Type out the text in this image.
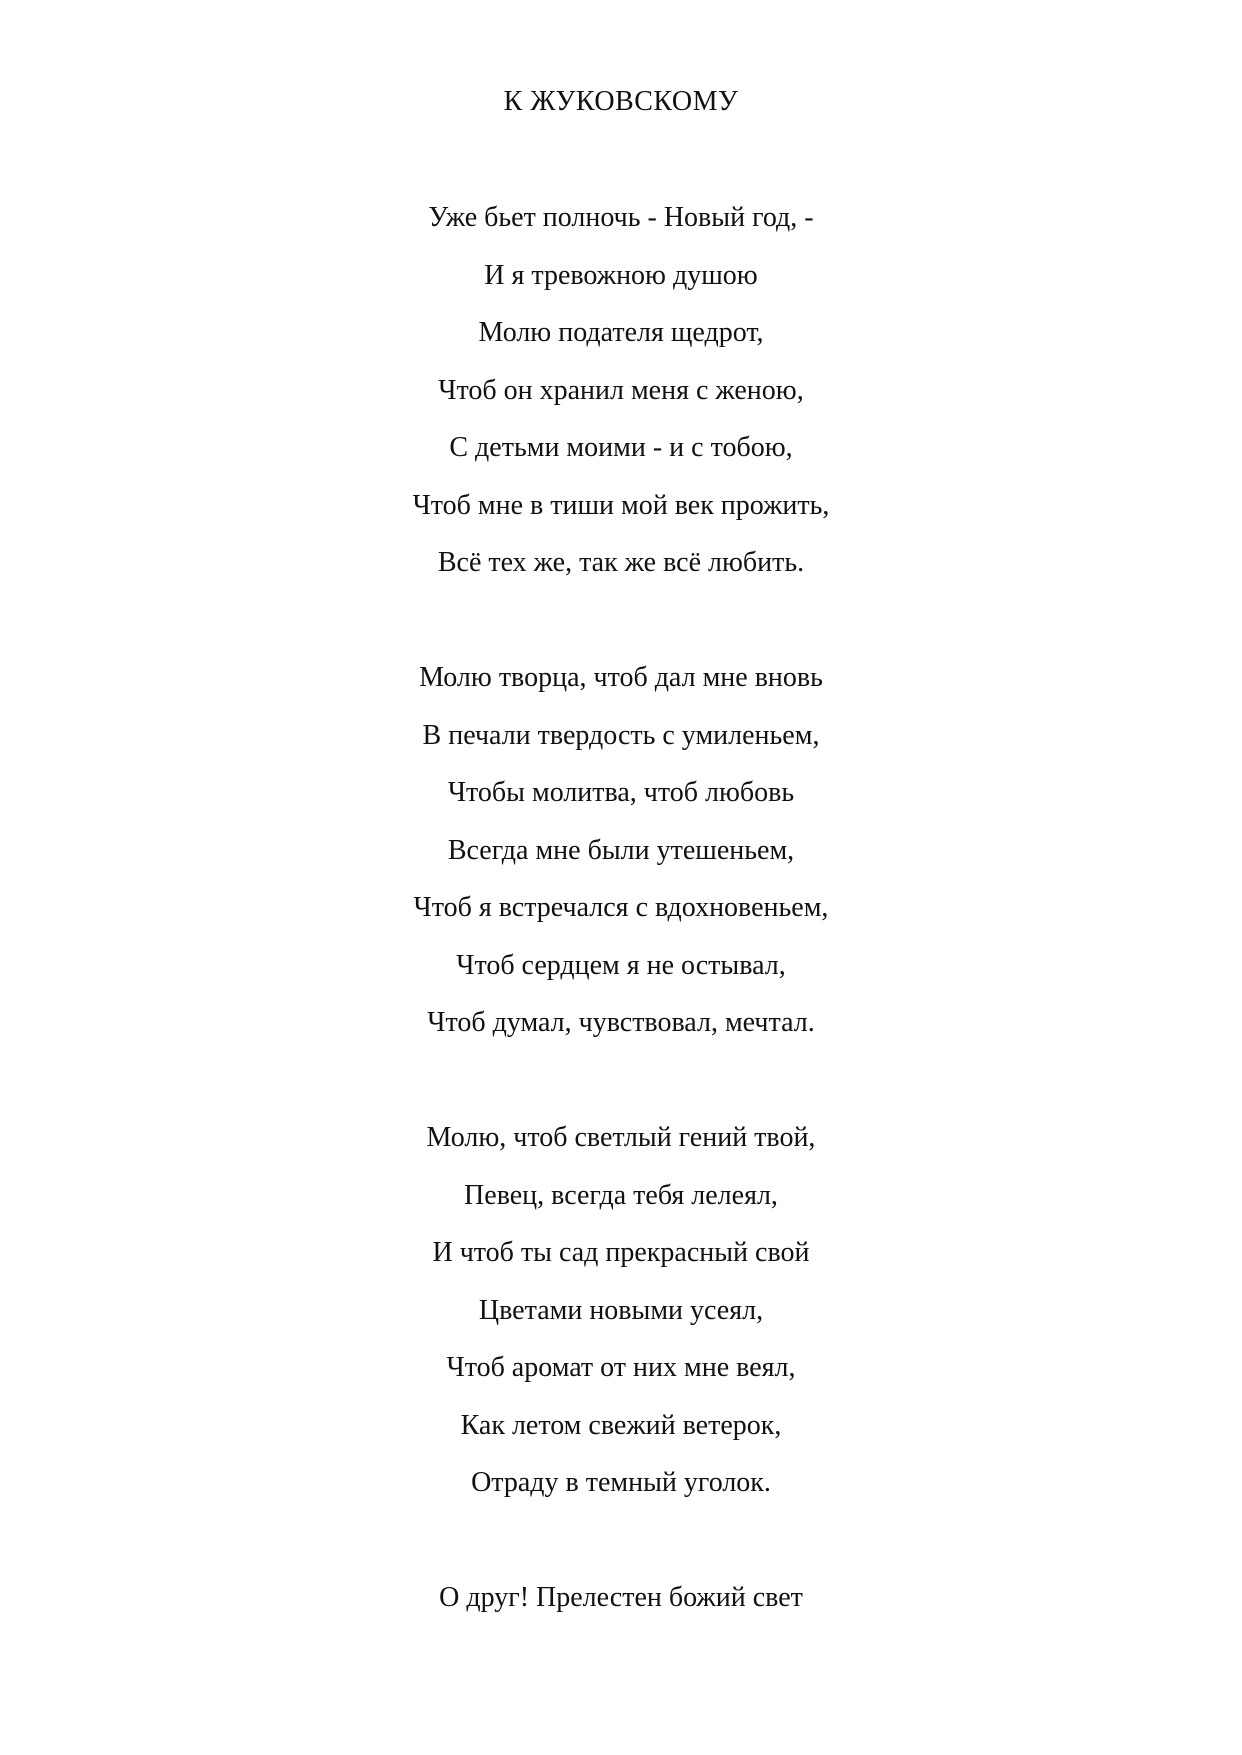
К ЖУКОВСКОМУ
Уже бьет полночь - Новый год, -
И я тревожною душою
Молю подателя щедрот,
Чтоб он хранил меня с женою,
С детьми моими - и с тобою,
Чтоб мне в тиши мой век прожить,
Всё тех же, так же всё любить.
Молю творца, чтоб дал мне вновь
В печали твердость с умиленьем,
Чтобы молитва, чтоб любовь
Всегда мне были утешеньем,
Чтоб я встречался с вдохновеньем,
Чтоб сердцем я не остывал,
Чтоб думал, чувствовал, мечтал.
Молю, чтоб светлый гений твой,
Певец, всегда тебя лелеял,
И чтоб ты сад прекрасный свой
Цветами новыми усеял,
Чтоб аромат от них мне веял,
Как летом свежий ветерок,
Отраду в темный уголок.
О друг! Прелестен божий свет
